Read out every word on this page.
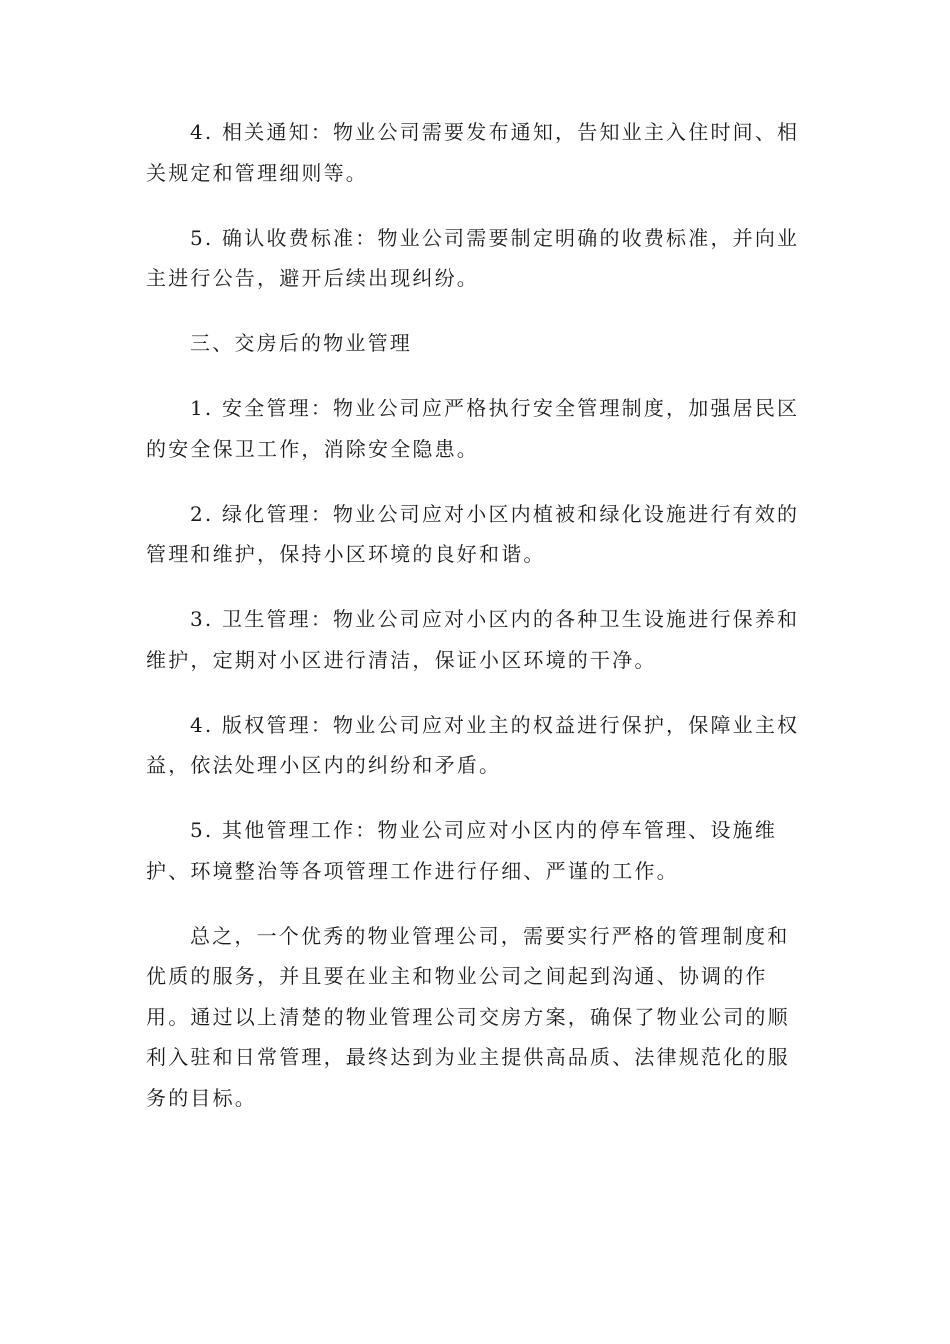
4. 相关通知：物业公司需要发布通知，告知业主入住时间、相关规定和管理细则等。

5. 确认收费标准：物业公司需要制定明确的收费标准，并向业主进行公告，避开后续出现纠纷。

三、交房后的物业管理

1. 安全管理：物业公司应严格执行安全管理制度，加强居民区的安全保卫工作，消除安全隐患。

2. 绿化管理：物业公司应对小区内植被和绿化设施进行有效的管理和维护，保持小区环境的良好和谐。

3. 卫生管理：物业公司应对小区内的各种卫生设施进行保养和维护，定期对小区进行清洁，保证小区环境的干净。

4. 版权管理：物业公司应对业主的权益进行保护，保障业主权益，依法处理小区内的纠纷和矛盾。

5. 其他管理工作：物业公司应对小区内的停车管理、设施维护、环境整治等各项管理工作进行仔细、严谨的工作。

总之，一个优秀的物业管理公司，需要实行严格的管理制度和优质的服务，并且要在业主和物业公司之间起到沟通、协调的作用。通过以上清楚的物业管理公司交房方案，确保了物业公司的顺利入驻和日常管理，最终达到为业主提供高品质、法律规范化的服务的目标。
